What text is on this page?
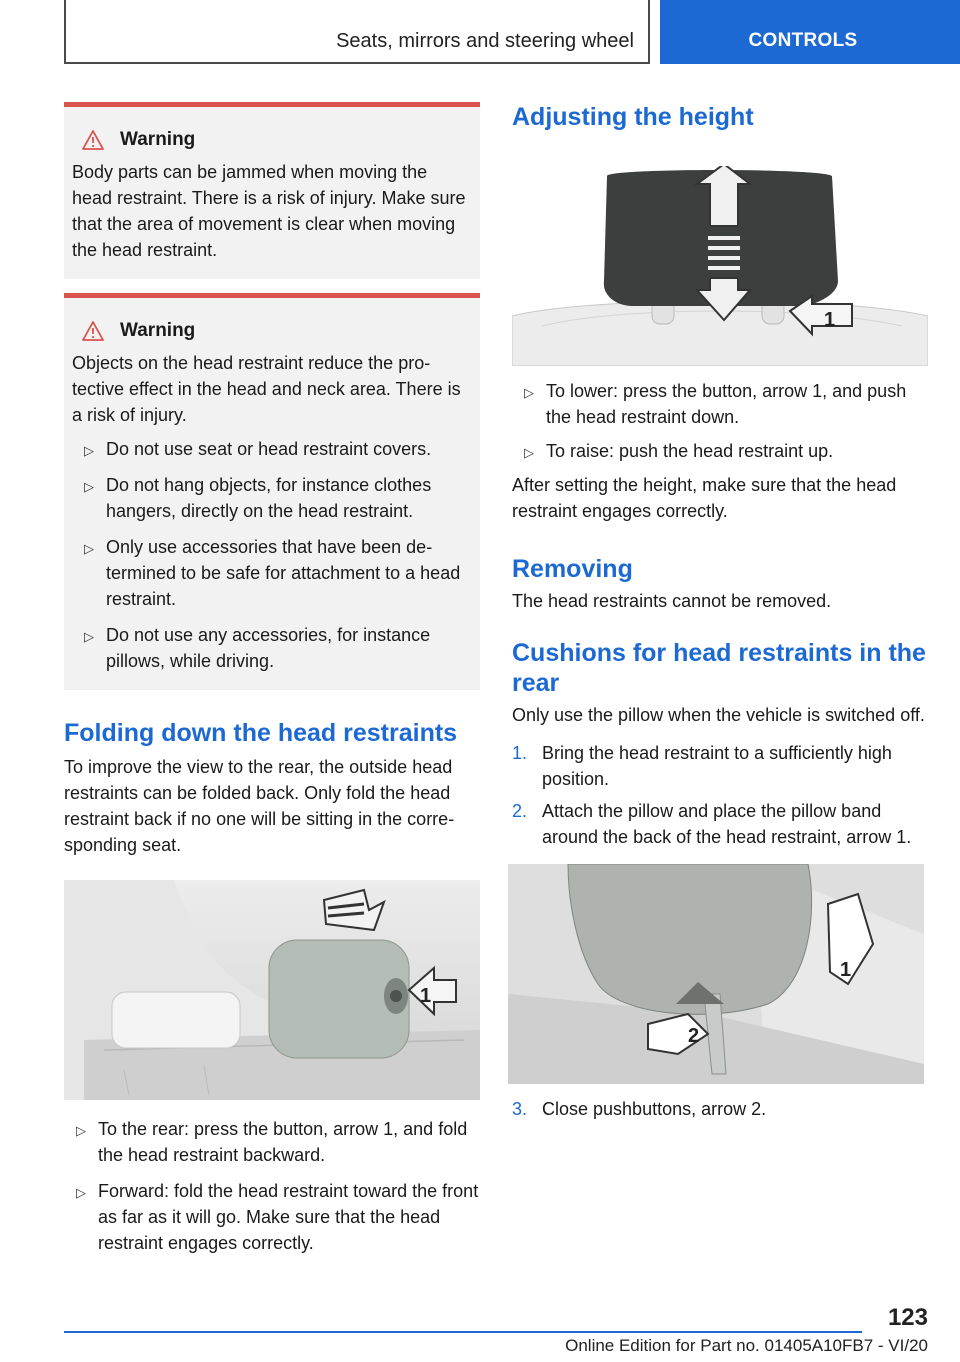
Seats, mirrors and steering wheel	CONTROLS
Warning

Body parts can be jammed when moving the head restraint. There is a risk of injury. Make sure that the area of movement is clear when moving the head restraint.

Warning

Objects on the head restraint reduce the protective effect in the head and neck area. There is a risk of injury.

▷ Do not use seat or head restraint covers.
▷ Do not hang objects, for instance clothes hangers, directly on the head restraint.
▷ Only use accessories that have been determined to be safe for attachment to a head restraint.
▷ Do not use any accessories, for instance pillows, while driving.
Folding down the head restraints

To improve the view to the rear, the outside head restraints can be folded back. Only fold the head restraint back if no one will be sitting in the corresponding seat.

1
▷ To the rear: press the button, arrow 1, and fold the head restraint backward.
▷ Forward: fold the head restraint toward the front as far as it will go. Make sure that the head restraint engages correctly.
Adjusting the height
1
▷ To lower: press the button, arrow 1, and push the head restraint down.
▷ To raise: push the head restraint up.

After setting the height, make sure that the head restraint engages correctly.

Removing

The head restraints cannot be removed.

Cushions for head restraints in the rear

Only use the pillow when the vehicle is switched off.

1. Bring the head restraint to a sufficiently high position.
2. Attach the pillow and place the pillow band around the back of the head restraint, arrow 1.
1
2
3. Close pushbuttons, arrow 2.
123
Online Edition for Part no. 01405A10FB7 - VI/20
